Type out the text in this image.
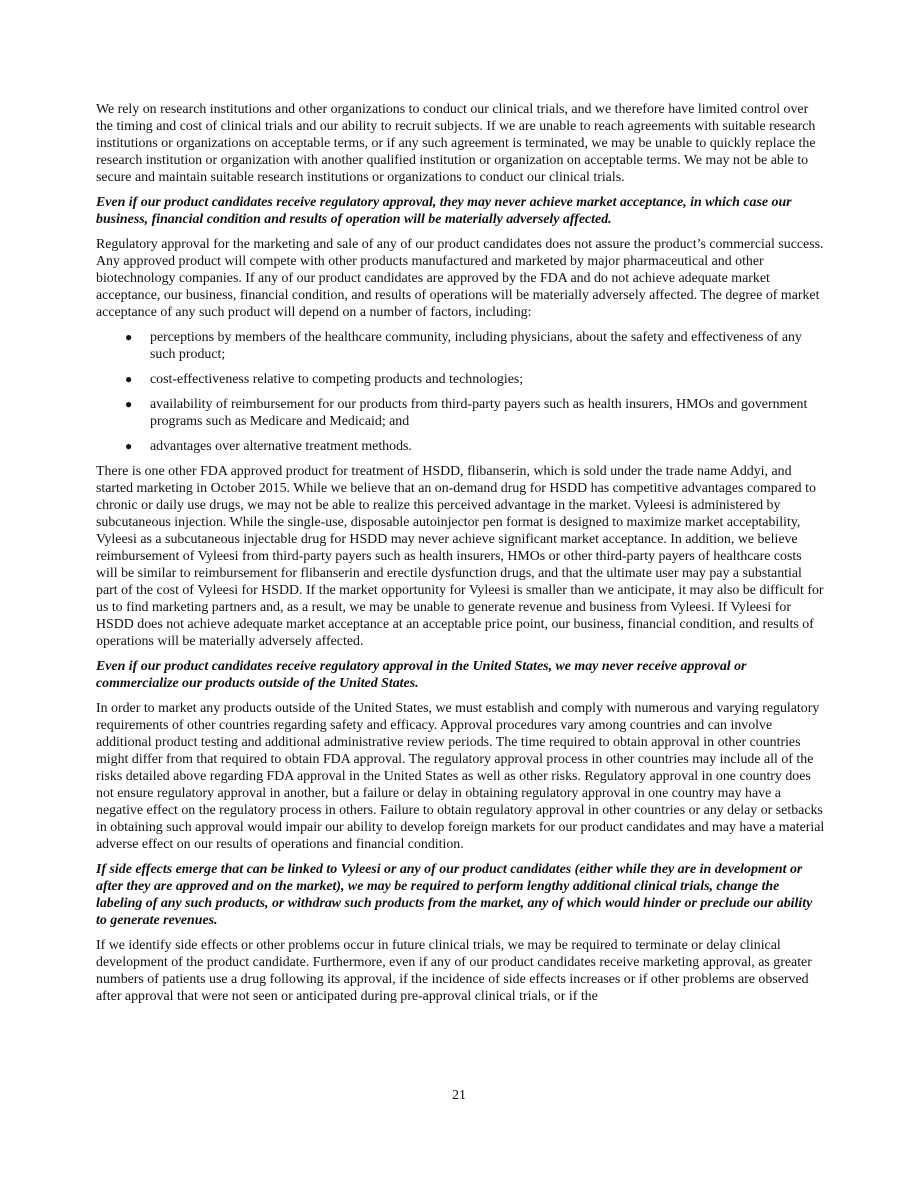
We rely on research institutions and other organizations to conduct our clinical trials, and we therefore have limited control over the timing and cost of clinical trials and our ability to recruit subjects. If we are unable to reach agreements with suitable research institutions or organizations on acceptable terms, or if any such agreement is terminated, we may be unable to quickly replace the research institution or organization with another qualified institution or organization on acceptable terms. We may not be able to secure and maintain suitable research institutions or organizations to conduct our clinical trials.

Even if our product candidates receive regulatory approval, they may never achieve market acceptance, in which case our business, financial condition and results of operation will be materially adversely affected.

Regulatory approval for the marketing and sale of any of our product candidates does not assure the product’s commercial success. Any approved product will compete with other products manufactured and marketed by major pharmaceutical and other biotechnology companies. If any of our product candidates are approved by the FDA and do not achieve adequate market acceptance, our business, financial condition, and results of operations will be materially adversely affected. The degree of market acceptance of any such product will depend on a number of factors, including:

● perceptions by members of the healthcare community, including physicians, about the safety and effectiveness of any such product;
● cost-effectiveness relative to competing products and technologies;
● availability of reimbursement for our products from third-party payers such as health insurers, HMOs and government programs such as Medicare and Medicaid; and
● advantages over alternative treatment methods.

There is one other FDA approved product for treatment of HSDD, flibanserin, which is sold under the trade name Addyi, and started marketing in October 2015. While we believe that an on-demand drug for HSDD has competitive advantages compared to chronic or daily use drugs, we may not be able to realize this perceived advantage in the market. Vyleesi is administered by subcutaneous injection. While the single-use, disposable autoinjector pen format is designed to maximize market acceptability, Vyleesi as a subcutaneous injectable drug for HSDD may never achieve significant market acceptance. In addition, we believe reimbursement of Vyleesi from third-party payers such as health insurers, HMOs or other third-party payers of healthcare costs will be similar to reimbursement for flibanserin and erectile dysfunction drugs, and that the ultimate user may pay a substantial part of the cost of Vyleesi for HSDD. If the market opportunity for Vyleesi is smaller than we anticipate, it may also be difficult for us to find marketing partners and, as a result, we may be unable to generate revenue and business from Vyleesi. If Vyleesi for HSDD does not achieve adequate market acceptance at an acceptable price point, our business, financial condition, and results of operations will be materially adversely affected.

Even if our product candidates receive regulatory approval in the United States, we may never receive approval or commercialize our products outside of the United States.

In order to market any products outside of the United States, we must establish and comply with numerous and varying regulatory requirements of other countries regarding safety and efficacy. Approval procedures vary among countries and can involve additional product testing and additional administrative review periods. The time required to obtain approval in other countries might differ from that required to obtain FDA approval. The regulatory approval process in other countries may include all of the risks detailed above regarding FDA approval in the United States as well as other risks. Regulatory approval in one country does not ensure regulatory approval in another, but a failure or delay in obtaining regulatory approval in one country may have a negative effect on the regulatory process in others. Failure to obtain regulatory approval in other countries or any delay or setbacks in obtaining such approval would impair our ability to develop foreign markets for our product candidates and may have a material adverse effect on our results of operations and financial condition.

If side effects emerge that can be linked to Vyleesi or any of our product candidates (either while they are in development or after they are approved and on the market), we may be required to perform lengthy additional clinical trials, change the labeling of any such products, or withdraw such products from the market, any of which would hinder or preclude our ability to generate revenues.

If we identify side effects or other problems occur in future clinical trials, we may be required to terminate or delay clinical development of the product candidate. Furthermore, even if any of our product candidates receive marketing approval, as greater numbers of patients use a drug following its approval, if the incidence of side effects increases or if other problems are observed after approval that were not seen or anticipated during pre-approval clinical trials, or if the

21
